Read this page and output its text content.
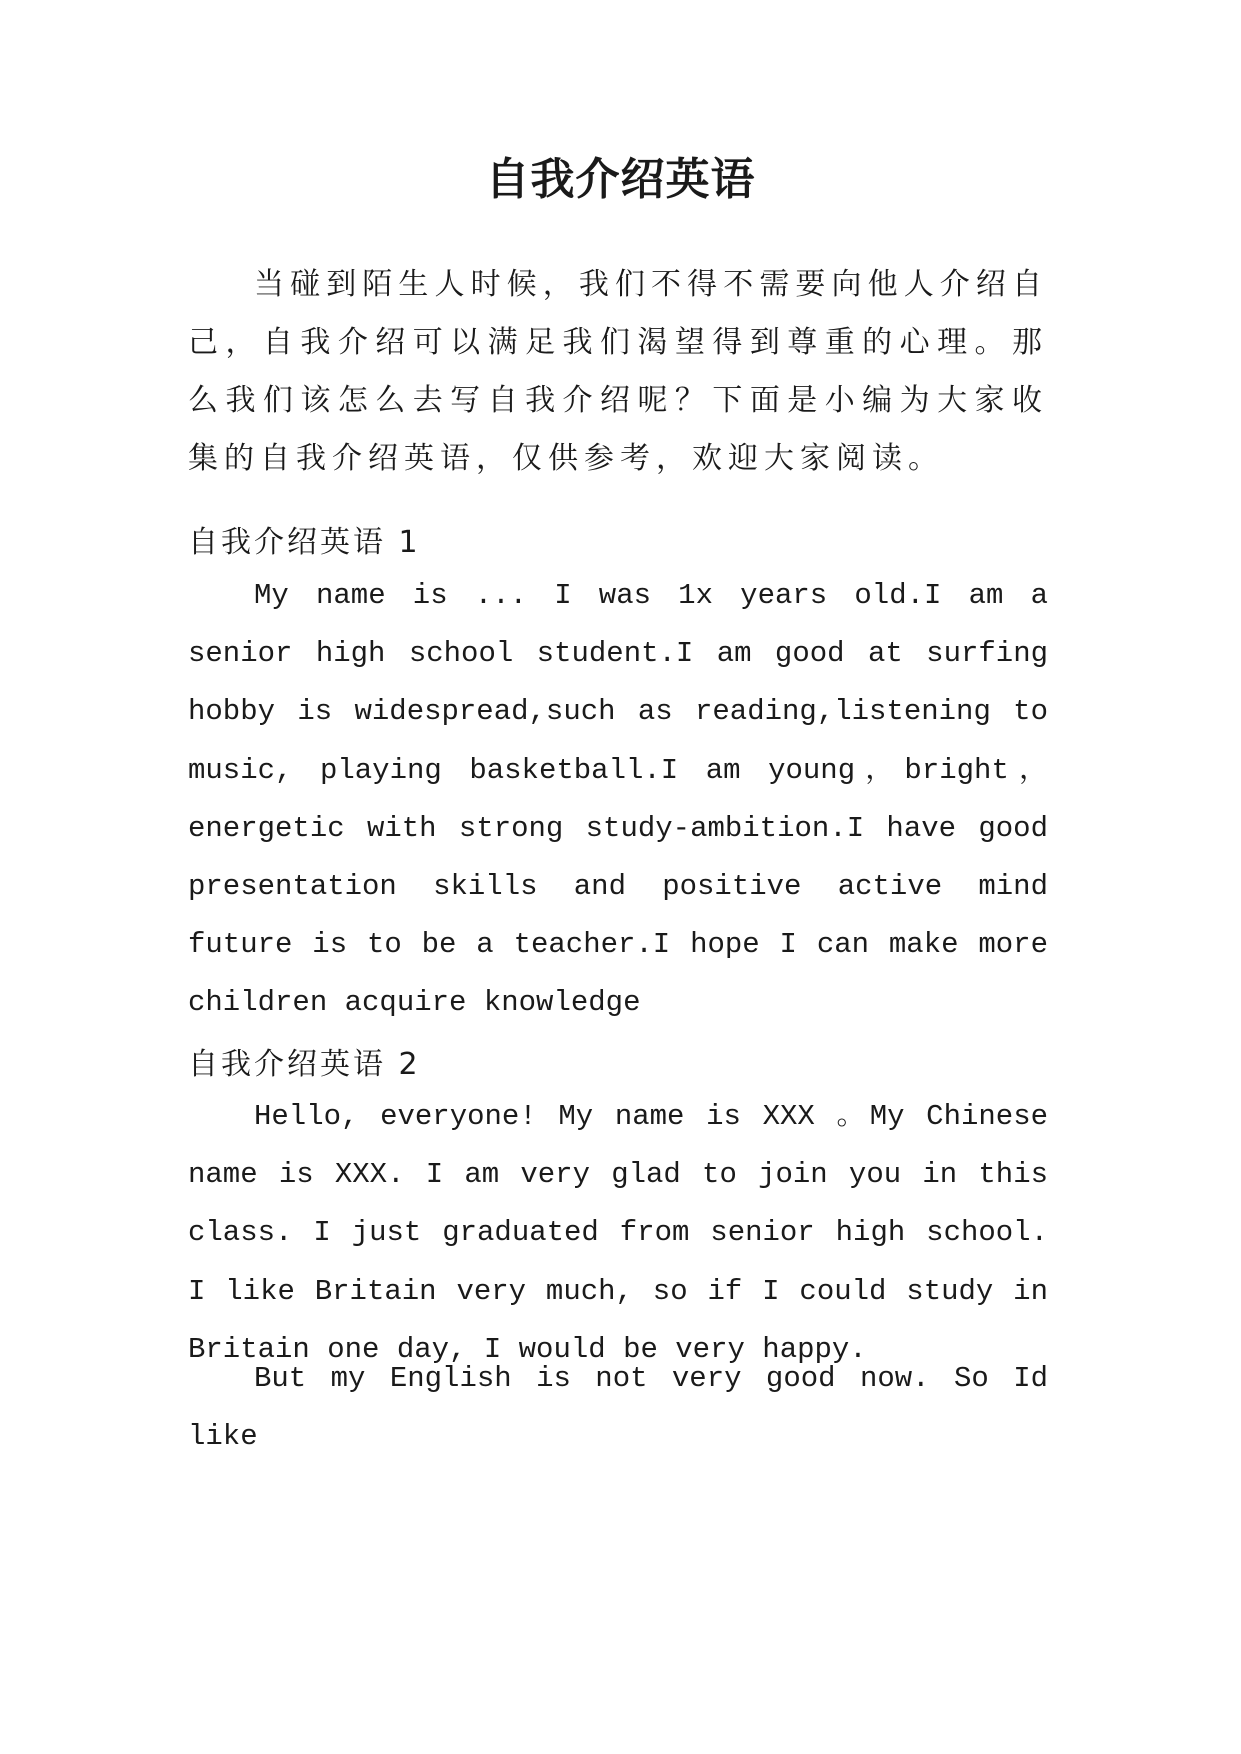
自我介绍英语

当碰到陌生人时候，我们不得不需要向他人介绍自己，自我介绍可以满足我们渴望得到尊重的心理。那么我们该怎么去写自我介绍呢？下面是小编为大家收集的自我介绍英语，仅供参考，欢迎大家阅读。

自我介绍英语 1

My name is ... I was 1x years old.I am a senior high school student.I am good at surfing hobby is widespread,such as reading,listening to music, playing basketball.I am young，bright，energetic with strong study-ambition.I have good presentation skills and positive active mind future is to be a teacher.I hope I can make more children acquire knowledge

自我介绍英语 2

Hello, everyone! My name is XXX 。My Chinese name is XXX. I am very glad to join you in this class. I just graduated from senior high school. I like Britain very much, so if I could study in Britain one day, I would be very happy.

But my English is not very good now. So Id like
